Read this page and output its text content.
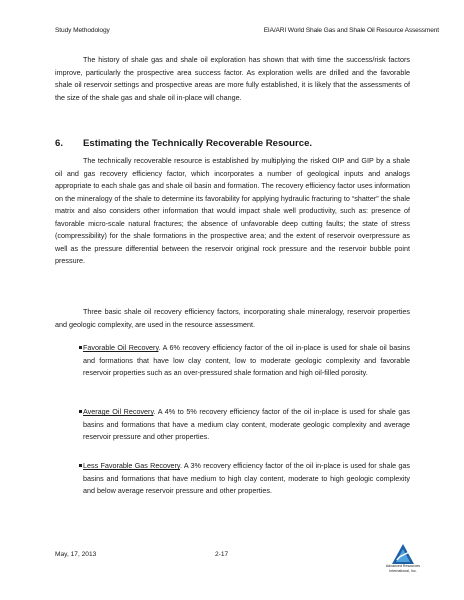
Study Methodology	EIA/ARI World Shale Gas and Shale Oil Resource Assessment

The history of shale gas and shale oil exploration has shown that with time the success/risk factors improve, particularly the prospective area success factor. As exploration wells are drilled and the favorable shale oil reservoir settings and prospective areas are more fully established, it is likely that the assessments of the size of the shale gas and shale oil in-place will change.

6.	Estimating the Technically Recoverable Resource.

The technically recoverable resource is established by multiplying the risked OIP and GIP by a shale oil and gas recovery efficiency factor, which incorporates a number of geological inputs and analogs appropriate to each shale gas and shale oil basin and formation. The recovery efficiency factor uses information on the mineralogy of the shale to determine its favorability for applying hydraulic fracturing to “shatter” the shale matrix and also considers other information that would impact shale well productivity, such as: presence of favorable micro-scale natural fractures; the absence of unfavorable deep cutting faults; the state of stress (compressibility) for the shale formations in the prospective area; and the extent of reservoir overpressure as well as the pressure differential between the reservoir original rock pressure and the reservoir bubble point pressure.

Three basic shale oil recovery efficiency factors, incorporating shale mineralogy, reservoir properties and geologic complexity, are used in the resource assessment.

Favorable Oil Recovery. A 6% recovery efficiency factor of the oil in-place is used for shale oil basins and formations that have low clay content, low to moderate geologic complexity and favorable reservoir properties such as an over-pressured shale formation and high oil-filled porosity.
Average Oil Recovery. A 4% to 5% recovery efficiency factor of the oil in-place is used for shale gas basins and formations that have a medium clay content, moderate geologic complexity and average reservoir pressure and other properties.
Less Favorable Gas Recovery. A 3% recovery efficiency factor of the oil in-place is used for shale gas basins and formations that have medium to high clay content, moderate to high geologic complexity and below average reservoir pressure and other properties.
May, 17, 2013	2-17
Advanced Resources
International, Inc.
